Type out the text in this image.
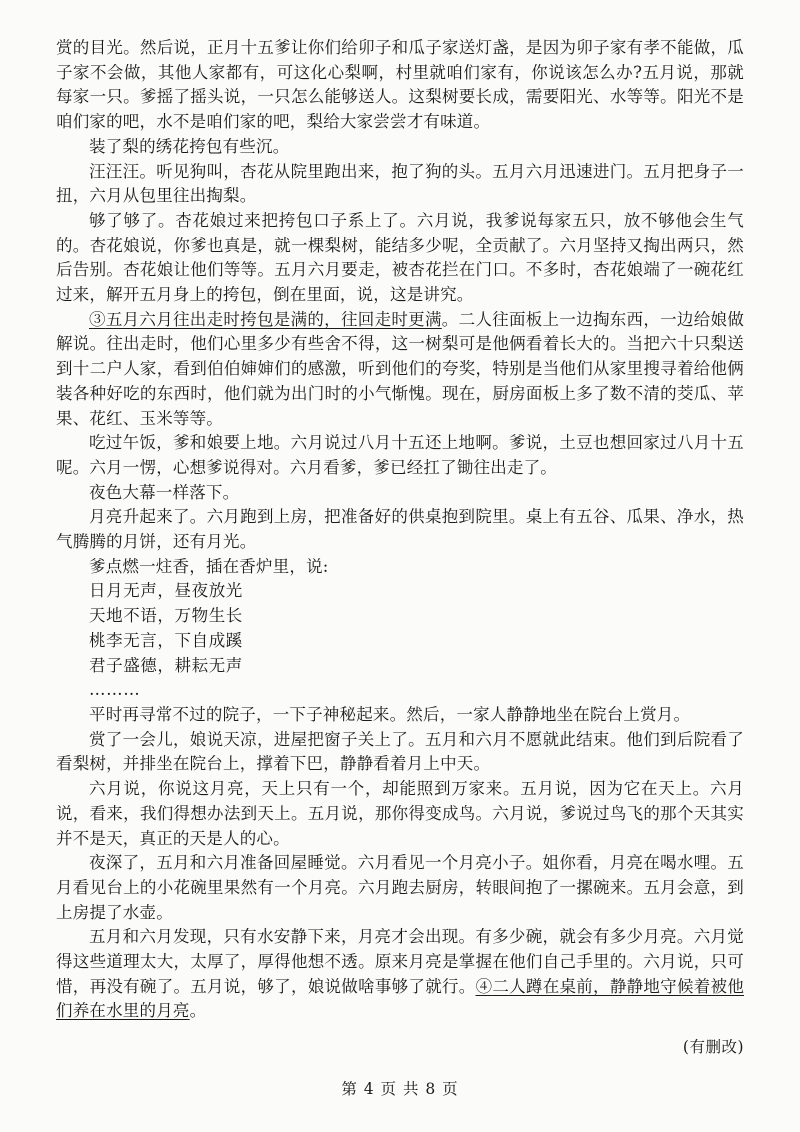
赏的目光。然后说，正月十五爹让你们给卯子和瓜子家送灯盏，是因为卯子家有孝不能做，瓜子家不会做，其他人家都有，可这化心梨啊，村里就咱们家有，你说该怎么办?五月说，那就每家一只。爹摇了摇头说，一只怎么能够送人。这梨树要长成，需要阳光、水等等。阳光不是咱们家的吧，水不是咱们家的吧，梨给大家尝尝才有味道。

装了梨的绣花挎包有些沉。

汪汪汪。听见狗叫，杏花从院里跑出来，抱了狗的头。五月六月迅速进门。五月把身子一扭，六月从包里往出掏梨。

够了够了。杏花娘过来把挎包口子系上了。六月说，我爹说每家五只，放不够他会生气的。杏花娘说，你爹也真是，就一棵梨树，能结多少呢，全贡献了。六月坚持又掏出两只，然后告别。杏花娘让他们等等。五月六月要走，被杏花拦在门口。不多时，杏花娘端了一碗花红过来，解开五月身上的挎包，倒在里面，说，这是讲究。

③五月六月往出走时挎包是满的，往回走时更满。二人往面板上一边掏东西，一边给娘做解说。往出走时，他们心里多少有些舍不得，这一树梨可是他俩看着长大的。当把六十只梨送到十二户人家，看到伯伯婶婶们的感激，听到他们的夸奖，特别是当他们从家里搜寻着给他俩装各种好吃的东西时，他们就为出门时的小气惭愧。现在，厨房面板上多了数不清的茭瓜、苹果、花红、玉米等等。

吃过午饭，爹和娘要上地。六月说过八月十五还上地啊。爹说，土豆也想回家过八月十五呢。六月一愣，心想爹说得对。六月看爹，爹已经扛了锄往出走了。

夜色大幕一样落下。

月亮升起来了。六月跑到上房，把准备好的供桌抱到院里。桌上有五谷、瓜果、净水，热气腾腾的月饼，还有月光。

爹点燃一炷香，插在香炉里，说:

日月无声，昼夜放光

天地不语，万物生长

桃李无言，下自成蹊

君子盛德，耕耘无声

………

平时再寻常不过的院子，一下子神秘起来。然后，一家人静静地坐在院台上赏月。

赏了一会儿，娘说天凉，进屋把窗子关上了。五月和六月不愿就此结束。他们到后院看了看梨树，并排坐在院台上，撑着下巴，静静看着月上中天。

六月说，你说这月亮，天上只有一个，却能照到万家来。五月说，因为它在天上。六月说，看来，我们得想办法到天上。五月说，那你得变成鸟。六月说，爹说过鸟飞的那个天其实并不是天，真正的天是人的心。

夜深了，五月和六月准备回屋睡觉。六月看见一个月亮小子。姐你看，月亮在喝水哩。五月看见台上的小花碗里果然有一个月亮。六月跑去厨房，转眼间抱了一摞碗来。五月会意，到上房提了水壶。

五月和六月发现，只有水安静下来，月亮才会出现。有多少碗，就会有多少月亮。六月觉得这些道理太大，太厚了，厚得他想不透。原来月亮是掌握在他们自己手里的。六月说，只可惜，再没有碗了。五月说，够了，娘说做啥事够了就行。④二人蹲在桌前，静静地守候着被他们养在水里的月亮。

(有删改)
第 4 页 共 8 页
